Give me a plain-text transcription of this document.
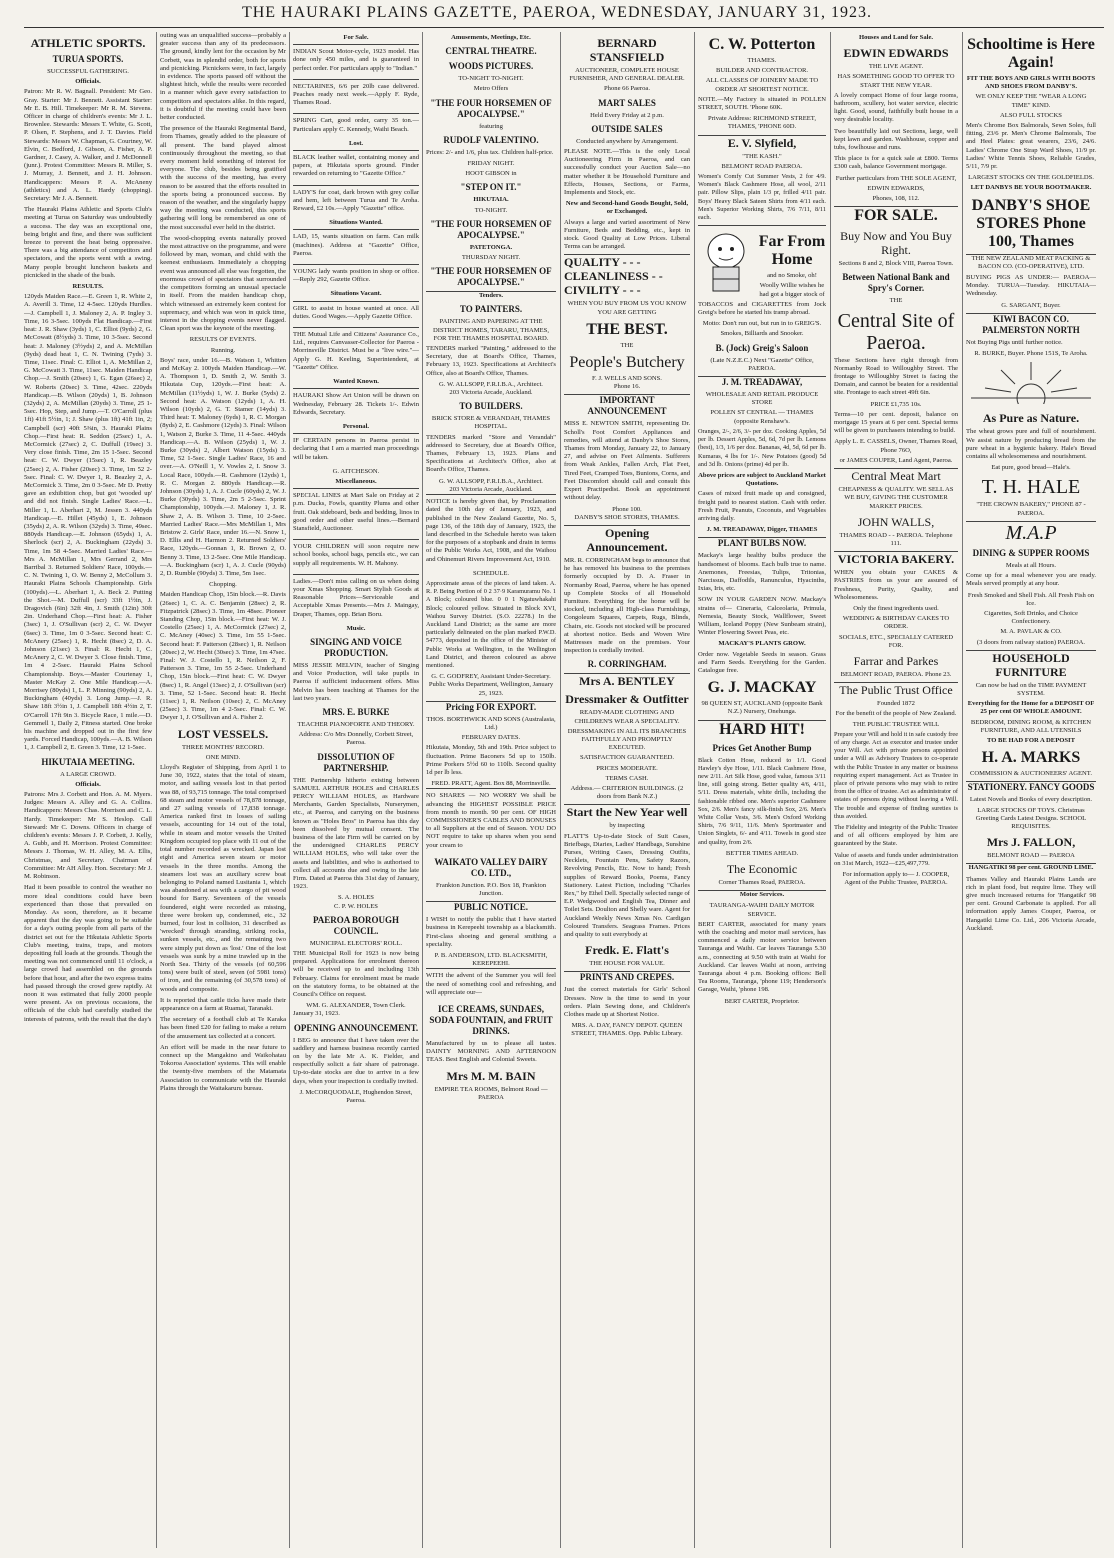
THE HAURAKI PLAINS GAZETTE, PAEROA, WEDNESDAY, JANUARY 31, 1923.
ATHLETIC SPORTS.
TURUA SPORTS.
SUCCESSFUL GATHERING.
Officials.

Patron: Mr R. W. Bagnall. President: Mr Geo. Gray. Starter: Mr J. Bennett. Assistant Starter: Mr E. B. Hill. Timekeeper: Mr R. M. Stevens. Officer in charge of children's events: Mr J. L. Brownlee. Stewards: Messrs T. White, G. Scott, P. Olsen, F. Stephens, and J. T. Davies. Field Stewards: Messrs W. Chapman, G. Courtney, W. Elvin, C. Bedford, J. Gibson, A. Fisher, A. P. Gardner, J. Casey, A. Walker, and J. McDonnell (junr.). Protest Committee: Messrs R. Miller, S. J. Murray, J. Bennett, and J. H. Johnson. Handicappers: Messrs P. A. McAneny (athletics) and A. L. Hardy (chopping). Secretary: Mr J. A. Bennett.

The Hauraki Plains Athletic and Sports Club's meeting at Turua on Saturday was undoubtedly a success. The day was an exceptional one, being bright and fine, and there was sufficient breeze to prevent the heat being oppressive. There was a big attendance of competitors and spectators, and the sports went with a swing. Many people brought luncheon baskets and picnicked in the shade of the bush.

RESULTS.

120yds Maiden Race.—E. Green 1, R. White 2, A. Averill 3. Time, 12 4-5sec. 120yds Hurdles.—J. Campbell 1, J. Maloney 2, A. P. Ingley 3. Time, 16 3-5sec. 100yds Flat Handicap.—First heat: J. R. Shaw (3yds) 1, C. Elliot (9yds) 2, G. McCowatt (8½yds) 3. Time, 10 3-5sec. Second heat: J. Maloney (3½yds) 2, and A. McMillan (9yds) dead heat 1, C. N. Twining (7yds) 3. Time, 11sec. Final: C. Elliot 1, A. McMillan 2, G. McCowatt 3. Time, 11sec. Maiden Handicap Chop.—J. Smith (20sec) 1, G. Egan (26sec) 2, W. Roberts (20sec) 3. Time, 42sec. 220yds Handicap.—B. Wilson (20yds) 1, B. Johnson (32yds) 2, A. McMillan (20yds) 3. Time, 25 1-5sec. Hop, Step, and Jump.—T. O'Carroll (plus 1ft) 41ft 5½in, 1; J. Shaw (plus 1ft) 41ft 1in, 2; Campbell (scr) 40ft 5⅜in, 3. Hauraki Plains Chop.—First heat: R. Seddon (25sec) 1, A. McCormick (27sec) 2, C. Duffull (19sec) 3. Very close finish. Time, 2m 15 1-5sec. Second heat: C. W. Dwyer (15sec) 1, R. Beazley (25sec) 2, A. Fisher (20sec) 3. Time, 1m 52 2-5sec. Final: C. W. Dwyer 1, R. Beazley 2, A. McCormick 3. Time, 2m 0 3-5sec. Mr D. Pretty gave an exhibition chop, but got 'wooded up' and did not finish. Single Ladies' Race.—L. Miller 1, L. Aberhart 2, M. Jessen 3. 440yds Handicap.—E. Hillet (45yds) 1, E. Johnson (35yds) 2, A. R. Wilson (32yds) 3. Time, 49sec. 880yds Handicap.—E. Johnson (65yds) 1, A. Sherlock (scr) 2, A. Buckingham (22yds) 3. Time, 1m 58 4-5sec. Married Ladies' Race.—Mrs A. McMillan 1, Mrs Gerrand 2, Mrs Barribal 3. Returned Soldiers' Race, 100yds.—C. N. Twining 1, O. W. Benny 2, McCollum 3. Hauraki Plains Schools Championship. Girls (100yds).—L. Aberhart 1, A. Beck 2. Putting the Shot.—M. Duffull (scr) 33ft 1½in, J. Dragovich (6in) 32ft 4in, J. Smith (12in) 30ft 2in. Underhand Chop.—First heat: A. Fisher (3sec) 1, J. O'Sullivan (scr) 2, C. W. Dwyer (6sec) 3. Time, 1m 0 3-5sec. Second heat: C. McAnery (25sec) 1, R. Hecht (8sec) 2, D. A. Johnson (21sec) 3. Final: R. Hecht 1, C. McAnery 2, C. W. Dwyer 3. Close finish. Time, 1m 4 2-5sec. Hauraki Plains School Championship. Boys.—Master Courtenay 1, Master McKay 2. One Mile Handicap.—A. Morrisey (80yds) 1, L. P. Minning (90yds) 2, A. Buckingham (40yds) 3. Long Jump.—J. R. Shaw 18ft 3½in 1, J. Campbell 18ft 4½in 2, T. O'Carroll 17ft 9in 3. Bicycle Race, 1 mile.—D. Gemmell 1, Daily 2, Fitness started. One broke his machine and dropped out in the first few yards. Forced Handicap, 100yds.—A. B. Wilson 1, J. Campbell 2, E. Green 3. Time, 12 1-5sec.

HIKUTAIA MEETING.
A LARGE CROWD.
Officials.

Patrons: Mrs J. Corbett and Hon. A. M. Myers. Judges: Messrs A. Alley and G. A. Collins. Handicappers: Messrs Chas. Morrison and C. L. Hardy. Timekeeper: Mr S. Heslop. Call Steward: Mr C. Downs. Officers in charge of children's events: Messrs J. P. Corbett, J. Kelly, A. Gubb, and H. Morrison. Protest Committee: Messrs J. Thomas, W. H. Alley, M. A. Ellis, Christmas, and Secretary. Chairman of Committee: Mr AH Alley. Hon. Secretary: Mr J. M. Robinson.

Had it been possible to control the weather no more ideal conditions could have been experienced than those that prevailed on Monday. As soon, therefore, as it became apparent that the day was going to be suitable for a day's outing people from all parts of the district set out for the Hikutaia Athletic Sports Club's meeting, trains, traps, and motors depositing full loads at the grounds. Though the meeting was not commenced until 11 o'clock, a large crowd had assembled on the grounds before that hour, and after the two express trains had passed through the crowd grew rapidly. At noon it was estimated that fully 2000 people were present. As on previous occasions, the officials of the club had carefully studied the interests of patrons, with the result that the day's

outing was an unqualified success—probably a greater success than any of its predecessors. The ground, kindly lent for the occasion by Mr Corbett, was in splendid order, both for sports and picnicking. Picnickers were, in fact, largely in evidence. The sports passed off without the slightest hitch, while the results were recorded in a manner which gave every satisfaction to competitors and spectators alike. In this regard, it is doubtful if the meeting could have been better conducted.

The presence of the Hauraki Regimental Band, from Thames, greatly added to the pleasure of all present. The band played almost continuously throughout the meeting, so that every moment held something of interest for everyone. The club, besides being gratified with the success of the meeting, has every reason to be assured that the efforts resulted in the sports being a pronounced success. By reason of the weather, and the singularly happy way the meeting was conducted, this sports gathering will long be remembered as one of the most successful ever held in the district.

The wood-chopping events naturally proved the most attractive on the programme, and were followed by man, woman, and child with the keenest enthusiasm. Immediately a chopping event was announced all else was forgotten, the enormous crowd of spectators that surrounded the competitors forming an unusual spectacle in itself. From the maiden handicap chop, which witnessed an extremely keen contest for supremacy, and which was won in quick time, interest in the chopping events never flagged. Clean sport was the keynote of the meeting.

RESULTS OF EVENTS.
Running.

Boys' race, under 16.—B. Watson 1, Whitten and McKay 2. 100yds Maiden Handicap.—W. A. Thompson 1, D. Smith 2, W. Smith 3. Hikutaia Cup, 120yds.—First heat: A. McMillan (11½yds) 1, W. J. Burke (5yds) 2. Second heat: A. Watson (12yds) 1, A. H. Wilson (10yds) 2, G. T. Stamer (14yds) 3. Third heat: T. Maloney (6yds) 1, R. C. Morgan (8yds) 2, E. Cashmore (12yds) 3. Final: Wilson 1, Watson 2, Burke 3. Time, 11 4-5sec. 440yds Handicap.—A. B. Wilson (25yds) 1, W. J. Burke (30yds) 2, Albert Watson (15yds) 3. Time, 52 1-5sec. Single Ladies' Race, 16 and over.—A. O'Neill 1, V. Vowles 2, I. Snow 3. Local Race, 100yds.—R. Cashmore (12yds) 1, R. C. Morgan 2. 880yds Handicap.—R. Johnson (30yds) 1, A. J. Cucle (60yds) 2, W. J. Burke (30yds) 3. Time, 2m 5 2-5sec. Sprint Championship, 100yds.—J. Maloney 1, J. R. Shaw 2, A. B. Wilson 3. Time, 10 2-5sec. Married Ladies' Race.—Mrs McMillan 1, Mrs Bristow 2. Girls' Race, under 16.—N. Snow 1, D. Ellis and H. Harmon 2. Returned Soldiers' Race, 120yds.—Gonnan 1, R. Brown 2, O. Benny 3. Time, 13 2-5sec. One Mile Handicap.—A. Buckingham (scr) 1, A. J. Cucle (90yds) 2, D. Rumble (90yds) 3. Time, 5m 1sec.

Chopping.

Maiden Handicap Chop, 15in block.—R. Davis (26sec) 1, C. A. C. Benjamin (28sec) 2, R. Fitzpatrick (28sec) 3. Time, 1m 48sec. Pioneer Standing Chop, 15in block.—First heat: W. J. Costello (25sec) 1, A. McCormick (27sec) 2, C. McAney (40sec) 3. Time, 1m 55 1-5sec. Second heat: F. Patterson (28sec) 1, R. Neilson (20sec) 2, W. Hecht (30sec) 3. Time, 1m 47sec. Final: W. J. Costello 1, R. Neilson 2, F. Patterson 3. Time, 1m 55 2-5sec. Underhand Chop, 15in block.—First heat: C. W. Dwyer (8sec) 1, R. Angel (13sec) 2, J. O'Sullivan (scr) 3. Time, 52 1-5sec. Second heat: R. Hecht (11sec) 1, R. Neilson (10sec) 2, C. McAney (25sec) 3. Time, 1m 4 2-5sec. Final: C. W. Dwyer 1, J. O'Sullivan and A. Fisher 2.

LOST VESSELS.
THREE MONTHS' RECORD.
ONE MIND.

Lloyd's Register of Shipping, from April 1 to June 30, 1922, states that the total of steam, motor, and sailing vessels lost in that period was 88, of 93,715 tonnage. The total comprised 68 steam and motor vessels of 78,878 tonnage, and 27 sailing vessels of 17,838 tonnage. America ranked first in losses of sailing vessels, accounting for 14 out of the total, while in steam and motor vessels the United Kingdom occupied top place with 11 out of the total number recorded as wrecked. Japan lost eight and America seven steam or motor vessels in the three months. Among the steamers lost was an auxiliary screw boat belonging to Poland named Lusitania 1, which was abandoned at sea with a cargo of pit wood bound for Barry. Seventeen of the vessels foundered, eight were recorded as missing, three were broken up, condemned, etc., 32 burned, four lost in collision, 31 described as 'wrecked' through stranding, striking rocks, sunken vessels, etc., and the remaining two were simply put down as 'lost.' One of the lost vessels was sunk by a mine trawled up in the North Sea. Thirty of the vessels (of 60,596 tons) were built of steel, seven (of 5981 tons) of iron, and the remaining (of 30,578 tons) of woods and composite.

It is reported that cattle ticks have made their appearance on a farm at Ruamai, Taranaki.

The secretary of a football club at Te Karaka has been fined £20 for failing to make a return of the amusement tax collected at a concert.

An effort will be made in the near future to connect up the Mangakino and Waikohatau Tokoroa Association' systems. This will enable the twenty-five members of the Matamata Association to communicate with the Hauraki Plains through the Waitakaruru bureau.

For Sale.

INDIAN Scout Motor-cycle, 1923 model. Has done only 450 miles, and is guaranteed in perfect order. For particulars apply to "Indian."

NECTARINES, 6/6 per 20lb case delivered. Peaches ready next week.—Apply F. Ryde, Thames Road.

SPRING Cart, good order, carry 35 ton.—Particulars apply C. Kennedy, Waihi Beach.

Lost.

BLACK leather wallet, containing money and papers, at Hikutaia sports ground. Finder rewarded on returning to "Gazette Office."

LADY'S fur coat, dark brown with grey collar and hem, left between Turua and Te Aroha. Reward, £2 10s.—Apply "Gazette" office.

Situations Wanted.

LAD, 15, wants situation on farm. Can milk (machines). Address at "Gazette" Office, Paeroa.

YOUNG lady wants position in shop or office.—Reply 292, Gazette Office.

Situations Vacant.

GIRL to assist in house wanted at once. All duties. Good Wages.—Apply Gazette Office.

THE Mutual Life and Citizens' Assurance Co., Ltd., requires Canvasser-Collector for Paeroa - Morrinsville District. Must be a "live wire."—Apply G. H. Keeling, Superintendent, at "Gazette" Office.

Wanted Known.

HAURAKI Show Art Union will be drawn on Wednesday, February 28. Tickets 1/-. Edwin Edwards, Secretary.

Personal.

IF CERTAIN persons in Paeroa persist in declaring that I am a married man proceedings will be taken.

G. AITCHESON.
Miscellaneous.

SPECIAL LINES at Mart Sale on Friday at 2 p.m. Ducks, Fowls, quantity Plums and other fruit. Oak sideboard, beds and bedding, linos in good order and other useful lines.—Bernard Stansfield, Auctioneer.

YOUR CHILDREN will soon require new school books, school bags, pencils etc., we can supply all requirements. W. H. Mahony.

Ladies.—Don't miss calling on us when doing your Xmas Shopping. Smart Stylish Goods at Reasonable Prices—Serviceable and Acceptable Xmas Presents.—Mrs J. Maingay, Draper, Thames, opp. Brian Boru.

Music.
SINGING AND VOICE PRODUCTION.

MISS JESSIE MELVIN, teacher of Singing and Voice Production, will take pupils in Paeroa if sufficient inducement offers. Miss Melvin has been teaching at Thames for the last two years.

MRS. E. BURKE
TEACHER PIANOFORTE AND THEORY.
Address: C/o Mrs Donnelly, Corbett Street, Paeroa.
DISSOLUTION OF PARTNERSHIP.

THE Partnership hitherto existing between SAMUEL ARTHUR HOLES and CHARLES PERCY WILLIAM HOLES, as Hardware Merchants, Garden Specialists, Nurserymen, etc., at Paeroa, and carrying on the business known as "Holes Bros" in Paeroa has this day been dissolved by mutual consent. The business of the late Firm will be carried on by the undersigned CHARLES PERCY WILLIAM HOLES, who will take over the assets and liabilities, and who is authorised to collect all accounts due and owing to the late Firm. Dated at Paeroa this 31st day of January, 1923.

S. A. HOLES
C. P. W. HOLES
PAEROA BOROUGH COUNCIL.
MUNICIPAL ELECTORS' ROLL.

THE Municipal Roll for 1923 is now being prepared. Applications for enrolment thereon will be received up to and including 13th February. Claims for enrolment must be made on the statutory forms, to be obtained at the Council's Office on request.

WM. G. ALEXANDER, Town Clerk.
January 31, 1923.
OPENING ANNOUNCEMENT.

I BEG to announce that I have taken over the saddlery and harness business recently carried on by the late Mr A. K. Fielder, and respectfully solicit a fair share of patronage. Up-to-date stocks are due to arrive in a few days, when your inspection is cordially invited.

J. McCORQUODALE, Hughendon Street, Paeroa.
Amusements, Meetings, Etc.
CENTRAL THEATRE.
WOODS PICTURES.
TO-NIGHT TO-NIGHT.
Metro Offers
"THE FOUR HORSEMEN OF APOCALYPSE."
featuring
RUDOLF VALENTINO.

Prices: 2/- and 1/6, plus tax. Children half-price.

FRIDAY NIGHT.
HOOT GIBSON in
"STEP ON IT."
HIKUTAIA.
TO-NIGHT.
"THE FOUR HORSEMEN OF APOCALYPSE."
PATETONGA.
THURSDAY NIGHT.
"THE FOUR HORSEMEN OF APOCALYPSE."
Tenders.
TO PAINTERS.
PAINTING AND PAPERING AT THE DISTRICT HOMES, TARARU, THAMES, FOR THE THAMES HOSPITAL BOARD.

TENDERS marked "Painting," addressed to the Secretary, due at Board's Office, Thames, February 13, 1923. Specifications at Architect's Office, also at Board's Office, Thames.

G. W. ALLSOPP, F.R.I.B.A., Architect.
203 Victoria Arcade, Auckland.
TO BUILDERS.
BRICK STORE & VERANDAH, THAMES HOSPITAL.

TENDERS marked "Store and Verandah" addressed to Secretary, due at Board's Office, Thames, February 13, 1923. Plans and Specifications at Architect's Office, also at Board's Office, Thames.

G. W. ALLSOPP, F.R.I.B.A., Architect.
203 Victoria Arcade, Auckland.

NOTICE is hereby given that, by Proclamation dated the 10th day of January, 1923, and published in the New Zealand Gazette, No. 5, page 136, of the 18th day of January, 1923, the land described in the Schedule hereto was taken for the purposes of a stopbank and drain in terms of the Public Works Act, 1908, and the Waihou and Ohinemuri Rivers Improvement Act, 1910.

SCHEDULE.

Approximate areas of the pieces of land taken. A. R. P. Being Portion of 0 2 37·9 Karamuramu No. 1 A Block; coloured blue. 0 0 1 Ngatuwhakahi Block; coloured yellow. Situated in Block XVI, Waihou Survey District. (S.O. 22278.) In the Auckland Land District; as the same are more particularly delineated on the plan marked P.W.D. 54773, deposited in the office of the Minister of Public Works at Wellington, in the Wellington Land District, and thereon coloured as above mentioned.

G. C. GODFREY, Assistant Under-Secretary. Public Works Department, Wellington, January 25, 1923.
Pricing FOR EXPORT.
THOS. BORTHWICK AND SONS (Australasia, Ltd.)
FEBRUARY DATES.

Hikutaia, Monday, 5th and 19th. Price subject to fluctuation. Prime Baconers 5d up to 150lb. Prime Porkers 5½d 60 to 110lb. Second quality 1d per lb less.

FRED. PRATT, Agent. Box 88, Morrinsville.

NO SHARES — NO WORRY We shall be advancing the HIGHEST POSSIBLE PRICE from month to month. 90 per cent. OF HIGH COMMISSIONER'S CABLES AND BONUSES to all Suppliers at the end of Season. YOU DO NOT require to take up shares when you send your cream to

WAIKATO VALLEY DAIRY CO. LTD.,
Frankton Junction. P.O. Box 18, Frankton Junction.
PUBLIC NOTICE.

I WISH to notify the public that I have started business in Kerepeehi township as a blacksmith. First-class shoeing and general smithing a speciality.

P. B. ANDERSON, LTD. BLACKSMITH, KEREPEEHI.

WITH the advent of the Summer you will feel the need of something cool and refreshing, and will appreciate our—

ICE CREAMS, SUNDAES, SODA FOUNTAIN, and FRUIT DRINKS.

Manufactured by us to please all tastes. DAINTY MORNING AND AFTERNOON TEAS. Best English and Colonial Sweets.

Mrs M. M. BAIN
EMPIRE TEA ROOMS, Belmont Road — PAEROA
BERNARD STANSFIELD
AUCTIONEER, COMPLETE HOUSE FURNISHER, AND GENERAL DEALER.
Phone 66 Paeroa.
MART SALES
Held Every Friday at 2 p.m.
OUTSIDE SALES
Conducted anywhere by Arrangement.

PLEASE NOTE.—This is the only Local Auctioneering Firm in Paeroa, and can successfully conduct your Auction Sale—no matter whether it be Household Furniture and Effects, Houses, Sections, or Farms, Implements and Stock, etc.

New and Second-hand Goods Bought, Sold, or Exchanged.

Always a large and varied assortment of New Furniture, Beds and Bedding, etc., kept in stock. Good Quality at Low Prices. Liberal Terms can be arranged.

QUALITY - - - CLEANLINESS - - CIVILITY - - -
WHEN YOU BUY FROM US YOU KNOW YOU ARE GETTING
THE BEST.
THE
People's Butchery
F. J. WELLS AND SONS.
Phone 16.
IMPORTANT ANNOUNCEMENT

MISS E. NEWTON SMITH, representing Dr. Scholl's Foot Comfort Appliances and remedies, will attend at Danby's Shoe Stores, Thames from Monday, January 22, to January 27, and advise on Feet Ailments. Sufferers from Weak Ankles, Fallen Arch, Flat Feet, Tired Feet, Cramped Toes, Bunions, Corns, and Feet Discomfort should call and consult this Expert Practipedist. Book an appointment without delay.

Phone 100.
DANBY'S SHOE STORES, THAMES.
Opening Announcement.

MR. R. CORRINGHAM begs to announce that he has removed his business to the premises formerly occupied by D. A. Fraser in Normanby Road, Paeroa, where he has opened up Complete Stocks of all Household Furniture. Everything for the home will be stocked, including all High-class Furnishings, Congoleum Squares, Carpets, Rugs, Blinds, Chairs, etc. Goods not stocked will be procured at shortest notice. Beds and Woven Wire Mattresses made on the premises. Your inspection is cordially invited.

R. CORRINGHAM.
Mrs A. BENTLEY
Dressmaker & Outfitter
READY-MADE CLOTHING AND CHILDREN'S WEAR A SPECIALITY.
DRESSMAKING IN ALL ITS BRANCHES FAITHFULLY AND PROMPTLY EXECUTED.
SATISFACTION GUARANTEED.
PRICES MODERATE.
TERMS CASH.
Address.— CRITERION BUILDINGS. (2 doors from Bank N.Z.)
Start the New Year well
by inspecting

FLATT'S Up-to-date Stock of Suit Cases, Briefbags, Diaries, Ladies' Handbags, Sunshine Purses, Writing Cases, Dressing Outfits, Necklets, Fountain Pens, Safety Razors, Revolving Pencils, Etc. Now to hand; Fresh supplies of Reward Books, Poems, Fancy Stationery. Latest Fiction, including "Charles Rex," by Ethel Dell. Specially selected range of E.P. Wedgwood and English Tea, Dinner and Toilet Sets. Doulton and Shelly ware. Agent for Auckland Weekly News Xmas No. Cardigan Coloured Transfers. Seagrass Frames. Prices and quality to suit everybody at

Fredk. E. Flatt's
THE HOUSE FOR VALUE.
PRINTS AND CREPES.

Just the correct materials for Girls' School Dresses. Now is the time to send in your orders. Plain Sewing done, and Children's Clothes made up at Shortest Notice.

MRS. A. DAY, FANCY DEPOT. QUEEN STREET, THAMES. Opp. Public Library.
C. W. Potterton
THAMES.
BUILDER AND CONTRACTOR.
ALL CLASSES OF JOINERY MADE TO ORDER AT SHORTEST NOTICE.

NOTE.—My Factory is situated in POLLEN STREET, SOUTH. 'Phone 60K.

Private Address: RICHMOND STREET, THAMES, 'PHONE 60D.
E. V. Slyfield,
"THE KASH."
BELMONT ROAD PAEROA.

Women's Comfy Cut Summer Vests, 2 for 4/9. Women's Black Cashmere Hose, all wool, 2/11 pair. Pillow Slips, plain 1/3 pr, frilled 4/11 pair. Boys' Heavy Black Sateen Shirts from 4/11 each. Men's Superior Working Shirts, 7/6 7/11, 8/11 each.

Far From Home
and no Smoke, oh!
Woolly Willie wishes he had got a bigger stock of

TOBACCOS and CIGARETTES from Jock Greig's before he started his tramp abroad.

Motto: Don't run out, but run in to GREIG'S.
Smokes, Billiards and Snooker.
B. (Jock) Greig's Saloon
(Late N.Z.E.C.) Next "Gazette" Office, PAEROA.
J. M. TREADAWAY,
WHOLESALE AND RETAIL PRODUCE STORE
POLLEN ST CENTRAL — THAMES (opposite Renshaw's.

Oranges, 2/-, 2/6, 3/- per doz. Cooking Apples, 5d per lb. Dessert Apples, 5d, 6d, 7d per lb. Lemons (best), 1/3, 1/6 per doz. Bananas, 4d, 5d, 6d per lb. Kumaras, 4 lbs for 1/-. New Potatoes (good) 5d and 3d lb. Onions (prime) 4d per lb.

Above prices are subject to Auckland Market Quotations.

Cases of mixed fruit made up and consigned, freight paid to nearest station. Cash with order. Fresh Fruit, Peanuts, Coconuts, and Vegetables arriving daily.

J. M. TREADAWAY, Digger, THAMES
PLANT BULBS NOW.

Mackay's large healthy bulbs produce the handsomest of blooms. Each bulb true to name. Anemones, Freesias, Tulips, Tritonias, Narcissus, Daffodils, Ranunculus, Hyacinths, Ixias, Iris, etc.

SOW IN YOUR GARDEN NOW. Mackay's strains of— Cineraria, Calceolaria, Primula, Nemesia, Beauty Stock, Wallflower, Sweet William, Iceland Poppy (New Sunbeam strain), Winter Flowering Sweet Peas, etc.

MACKAY'S PLANTS GROW.

Order now. Vegetable Seeds in season. Grass and Farm Seeds. Everything for the Garden. Catalogue free.

G. J. MACKAY
98 QUEEN ST, AUCKLAND (opposite Bank N.Z.) Nursery, Onehunga.
HARD HIT!
Prices Get Another Bump

Black Cotton Hose, reduced to 1/1. Good Hawley's dye Hose, 1/11. Black Cashmere Hose, new 2/11. Art Silk Hose, good value, famous 3/11 line, still going strong. Better quality 4/6, 4/11, 5/11. Dress materials, white drills, including the fashionable ribbed one. Men's superior Cashmere Sox, 2/6. Men's fancy silk-finish Sox, 2/6. Men's White Collar Vests, 3/6. Men's Oxford Working Shirts, 7/6 9/11, 11/6. Men's Sportmaster and Union Singlets, 6/- and 4/11. Towels in good size and quality, from 2/6.

BETTER TIMES AHEAD.
The Economic
Corner Thames Road, PAEROA.
Motor Services.
TAURANGA-WAIHI DAILY MOTOR SERVICE.

BERT CARTER, associated for many years with the coaching and motor mail services, has commenced a daily motor service between Tauranga and Waihi. Car leaves Tauranga 5.30 a.m., connecting at 9.50 with train at Waihi for Auckland. Car leaves Waihi at noon, arriving Tauranga about 4 p.m. Booking offices: Bell Tea Rooms, Tauranga, 'phone 119; Henderson's Garage, Waihi, 'phone 198.

BERT CARTER, Proprietor.
Houses and Land for Sale.
EDWIN EDWARDS
THE LIVE AGENT.
HAS SOMETHING GOOD TO OFFER TO START THE NEW YEAR.

A lovely compact Home of four large rooms, bathroom, scullery, hot water service, electric light. Good, sound, faithfully built house in a very desirable locality.

Two beautifully laid out Sections, large, well kept lawn and garden. Washhouse, copper and tubs, fowlhouse and runs.

This place is for a quick sale at £800. Terms £300 cash, balance Government mortgage.

Further particulars from THE SOLE AGENT,
EDWIN EDWARDS,
Phones, 108, 112.
FOR SALE.
Buy Now and You Buy Right.
Sections 8 and 2, Block VIII, Paeroa Town.
Between National Bank and Spry's Corner.
THE
Central Site of Paeroa.

These Sections have right through from Normanby Road to Willoughby Street. The frontage to Willoughby Street is facing the Domain, and cannot be beaten for a residential site. Frontage to each street 49ft 6in.

PRICE £1,735 10s.

Terms—10 per cent. deposit, balance on mortgage 15 years at 6 per cent. Special terms will be given to purchasers intending to build.

Apply L. E. CASSELS, Owner, Thames Road, Phone 76O,
or JAMES COUPER, Land Agent, Paeroa.
Central Meat Mart
CHEAPNESS & QUALITY. WE SELL AS WE BUY, GIVING THE CUSTOMER MARKET PRICES.
JOHN WALLS,
THAMES ROAD - - PAEROA. Telephone 111.
VICTORIA BAKERY.

WHEN you obtain your CAKES & PASTRIES from us your are assured of Freshness, Purity, Quality, and Wholesomeness.

Only the finest ingredients used.
WEDDING & BIRTHDAY CAKES TO ORDER.
SOCIALS, ETC., SPECIALLY CATERED FOR.
Farrar and Parkes
BELMONT ROAD, PAEROA. Phone 23.
The Public Trust Office
Founded 1872
For the benefit of the people of New Zealand.
THE PUBLIC TRUSTEE WILL

Prepare your Will and hold it in safe custody free of any charge. Act as executor and trustee under your Will. Act with private persons appointed under a Will as Advisory Trustees to co-operate with the Public Trustee in any matter or business requiring expert management. Act as Trustee in place of private persons who may wish to retire from the office of trustee. Act as administrator of estates of persons dying without leaving a Will. The trouble and expense of finding sureties is thus avoided.

The Fidelity and integrity of the Public Trustee and of all officers employed by him are guaranteed by the State.

Value of assets and funds under administration on 31st March, 1922—£25,497,779.

For information apply to— J. COOPER, Agent of the Public Trustee, PAEROA.
Schooltime is Here Again!
FIT THE BOYS AND GIRLS WITH BOOTS AND SHOES FROM DANBY'S.
WE ONLY KEEP THE "WEAR A LONG TIME" KIND.
ALSO FULL STOCKS

Men's Chrome Box Balmorals, Sewn Soles, full fitting, 23/6 pr. Men's Chrome Balmorals, Toe and Heel Plates: great wearers, 23/6, 24/6. Ladies' Chrome One Strap Ward Shoes, 11/9 pr. Ladies' White Tennis Shoes, Reliable Grades, 5/11, 7/9 pr.

LARGEST STOCKS ON THE GOLDFIELDS.
LET DANBYS BE YOUR BOOTMAKER.
DANBY'S SHOE STORES Phone 100, Thames
THE NEW ZEALAND MEAT PACKING & BACON CO. (CO-OPERATIVE), LTD.

BUYING PIGS AS UNDER:— PAEROA—Monday. TURUA—Tuesday. HIKUTAIA—Wednesday.

G. SARGANT, Buyer.
KIWI BACON CO. PALMERSTON NORTH

Not Buying Pigs until further notice.

R. BURKE, Buyer. Phone 151S, Te Aroha.
As Pure as Nature.

The wheat grows pure and full of nourishment. We assist nature by producing bread from the pure wheat in a hygienic bakery. Hale's Bread contains all wholesomeness and nourishment.

Eat pure, good bread—Hale's.
T. H. HALE
"THE CROWN BAKERY," PHONE 87 - PAEROA.
M.A.P
DINING & SUPPER ROOMS
Meals at all Hours.

Come up for a meal whenever you are ready. Meals served promptly at any hour.

Fresh Smoked and Shell Fish. All Fresh Fish on Ice.
Cigarettes, Soft Drinks, and Choice Confectionery.
M. A. PAVLAK & CO.
(3 doors from railway station) PAEROA.
HOUSEHOLD FURNITURE
Can now be had on the TIME PAYMENT SYSTEM.
Everything for the Home for a DEPOSIT OF 25 per cent OF WHOLE AMOUNT.
BEDROOM, DINING ROOM, & KITCHEN FURNITURE, AND ALL UTENSILS
TO BE HAD FOR A DEPOSIT
H. A. MARKS
COMMISSION & AUCTIONEERS' AGENT.
STATIONERY. FANCY GOODS
Latest Novels and Books of every description.
LARGE STOCKS OF TOYS. Christmas Greeting Cards Latest Designs. SCHOOL REQUISITES.
Mrs J. FALLON,
BELMONT ROAD — PAEROA
HANGATIKI 98 per cent. GROUND LIME.

Thames Valley and Hauraki Plains Lands are rich in plant food, but require lime. They will give much increased returns for 'Hangatiki' 98 per cent. Ground Carbonate is applied. For all information apply James Couper, Paeroa, or Hangatiki Lime Co. Ltd., 206 Victoria Arcade, Auckland.
